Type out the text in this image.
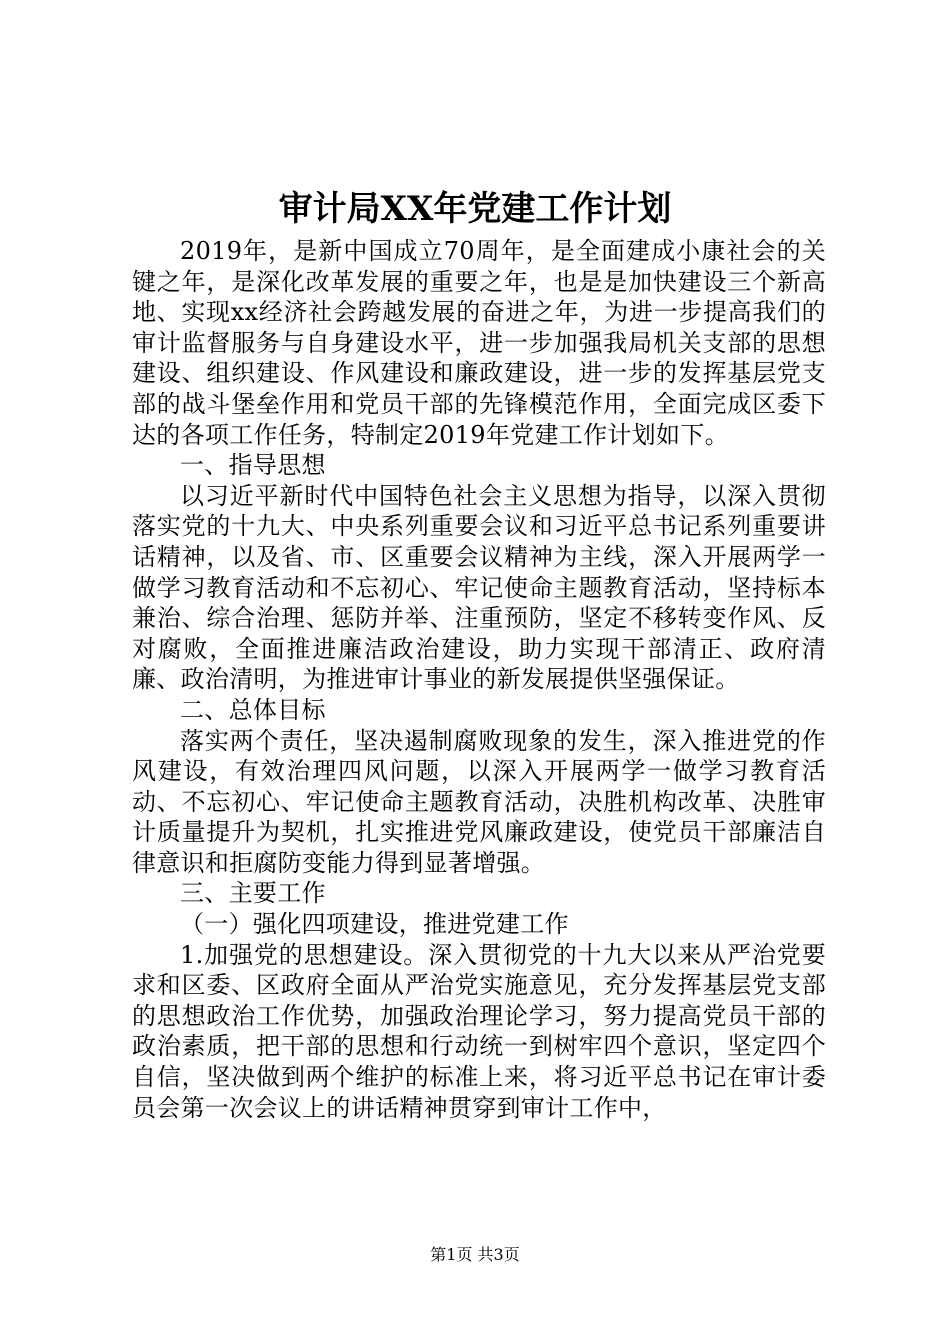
审计局XX年党建工作计划

2019年，是新中国成立70周年，是全面建成小康社会的关键之年，是深化改革发展的重要之年，也是是加快建设三个新高地、实现xx经济社会跨越发展的奋进之年，为进一步提高我们的审计监督服务与自身建设水平，进一步加强我局机关支部的思想建设、组织建设、作风建设和廉政建设，进一步的发挥基层党支部的战斗堡垒作用和党员干部的先锋模范作用，全面完成区委下达的各项工作任务，特制定2019年党建工作计划如下。

一、指导思想

以习近平新时代中国特色社会主义思想为指导，以深入贯彻落实党的十九大、中央系列重要会议和习近平总书记系列重要讲话精神，以及省、市、区重要会议精神为主线，深入开展两学一做学习教育活动和不忘初心、牢记使命主题教育活动，坚持标本兼治、综合治理、惩防并举、注重预防，坚定不移转变作风、反对腐败，全面推进廉洁政治建设，助力实现干部清正、政府清廉、政治清明，为推进审计事业的新发展提供坚强保证。

二、总体目标

落实两个责任，坚决遏制腐败现象的发生，深入推进党的作风建设，有效治理四风问题，以深入开展两学一做学习教育活动、不忘初心、牢记使命主题教育活动，决胜机构改革、决胜审计质量提升为契机，扎实推进党风廉政建设，使党员干部廉洁自律意识和拒腐防变能力得到显著增强。

三、主要工作

（一）强化四项建设，推进党建工作

1.加强党的思想建设。深入贯彻党的十九大以来从严治党要求和区委、区政府全面从严治党实施意见，充分发挥基层党支部的思想政治工作优势，加强政治理论学习，努力提高党员干部的政治素质，把干部的思想和行动统一到树牢四个意识，坚定四个自信，坚决做到两个维护的标准上来，将习近平总书记在审计委员会第一次会议上的讲话精神贯穿到审计工作中，

第1页 共3页
